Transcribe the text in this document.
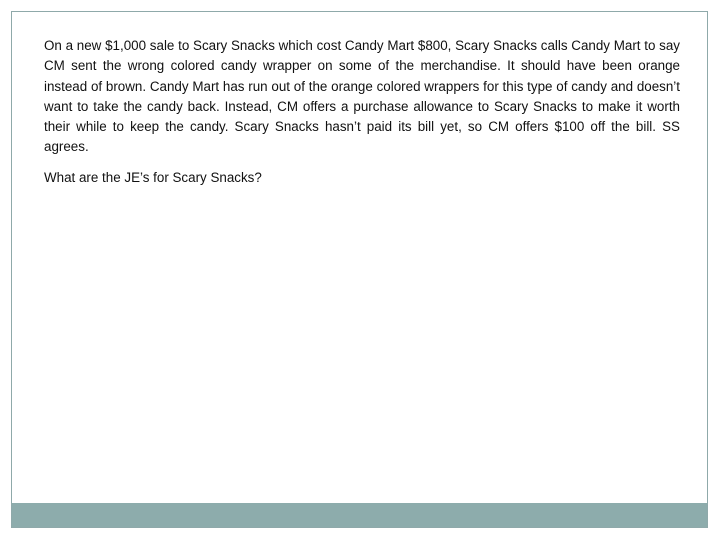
On a new $1,000 sale to Scary Snacks which cost Candy Mart $800, Scary Snacks calls Candy Mart to say CM sent the wrong colored candy wrapper on some of the merchandise. It should have been orange instead of brown. Candy Mart has run out of the orange colored wrappers for this type of candy and doesn’t want to take the candy back. Instead, CM offers a purchase allowance to Scary Snacks to make it worth their while to keep the candy. Scary Snacks hasn’t paid its bill yet, so CM offers $100 off the bill. SS agrees.

What are the JE’s for Scary Snacks?
